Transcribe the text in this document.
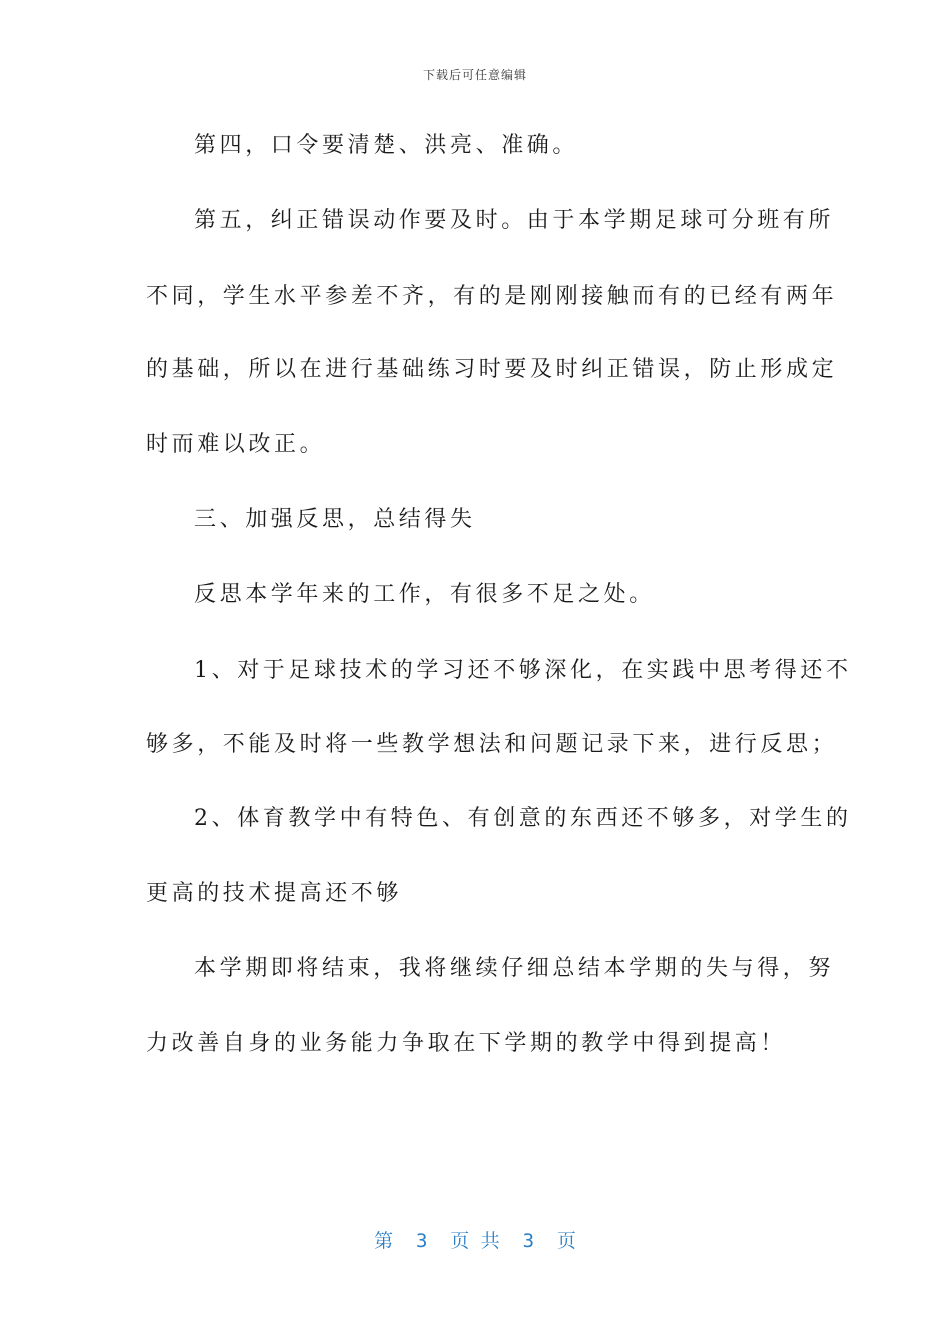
下载后可任意编辑
第四，口令要清楚、洪亮、准确。
第五，纠正错误动作要及时。由于本学期足球可分班有所
不同，学生水平参差不齐，有的是刚刚接触而有的已经有两年
的基础，所以在进行基础练习时要及时纠正错误，防止形成定
时而难以改正。
三、加强反思，总结得失
反思本学年来的工作，有很多不足之处。
1、对于足球技术的学习还不够深化，在实践中思考得还不
够多，不能及时将一些教学想法和问题记录下来，进行反思；
2、体育教学中有特色、有创意的东西还不够多，对学生的
更高的技术提高还不够
本学期即将结束，我将继续仔细总结本学期的失与得，努
力改善自身的业务能力争取在下学期的教学中得到提高！
第  3  页 共  3  页
